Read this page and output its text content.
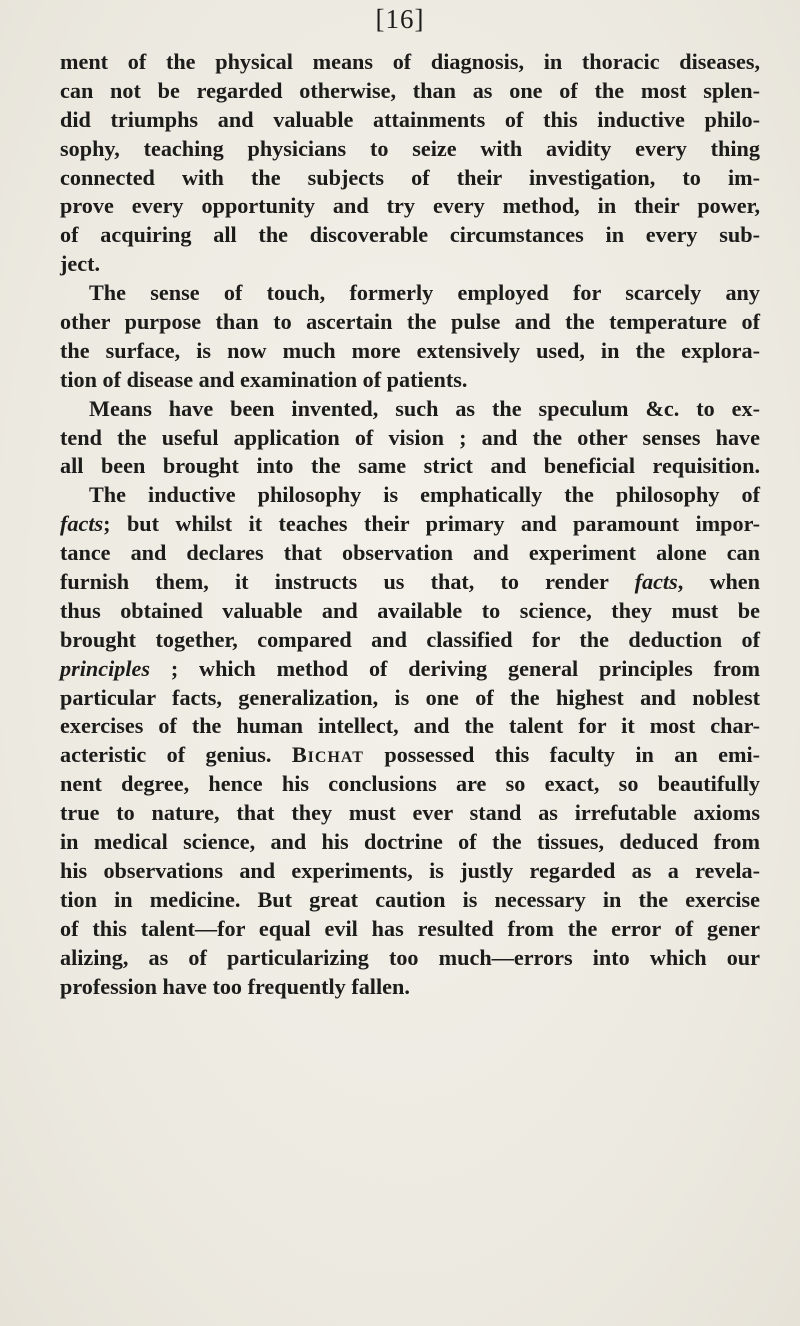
[16]
ment of the physical means of diagnosis, in thoracic diseases,
can not be regarded otherwise, than as one of the most splen-
did triumphs and valuable attainments of this inductive philo-
sophy, teaching physicians to seize with avidity every thing
connected with the subjects of their investigation, to im-
prove every opportunity and try every method, in their power,
of acquiring all the discoverable circumstances in every sub-
ject.
The sense of touch, formerly employed for scarcely any
other purpose than to ascertain the pulse and the temperature of
the surface, is now much more extensively used, in the explora-
tion of disease and examination of patients.
Means have been invented, such as the speculum &c. to ex-
tend the useful application of vision ; and the other senses have
all been brought into the same strict and beneficial requisition.
The inductive philosophy is emphatically the philosophy of
facts; but whilst it teaches their primary and paramount impor-
tance and declares that observation and experiment alone can
furnish them, it instructs us that, to render facts, when
thus obtained valuable and available to science, they must be
brought together, compared and classified for the deduction of
principles ; which method of deriving general principles from
particular facts, generalization, is one of the highest and noblest
exercises of the human intellect, and the talent for it most char-
acteristic of genius. Bichat possessed this faculty in an emi-
nent degree, hence his conclusions are so exact, so beautifully
true to nature, that they must ever stand as irrefutable axioms
in medical science, and his doctrine of the tissues, deduced from
his observations and experiments, is justly regarded as a revela-
tion in medicine. But great caution is necessary in the exercise
of this talent—for equal evil has resulted from the error of gener
alizing, as of particularizing too much—errors into which our
profession have too frequently fallen.
